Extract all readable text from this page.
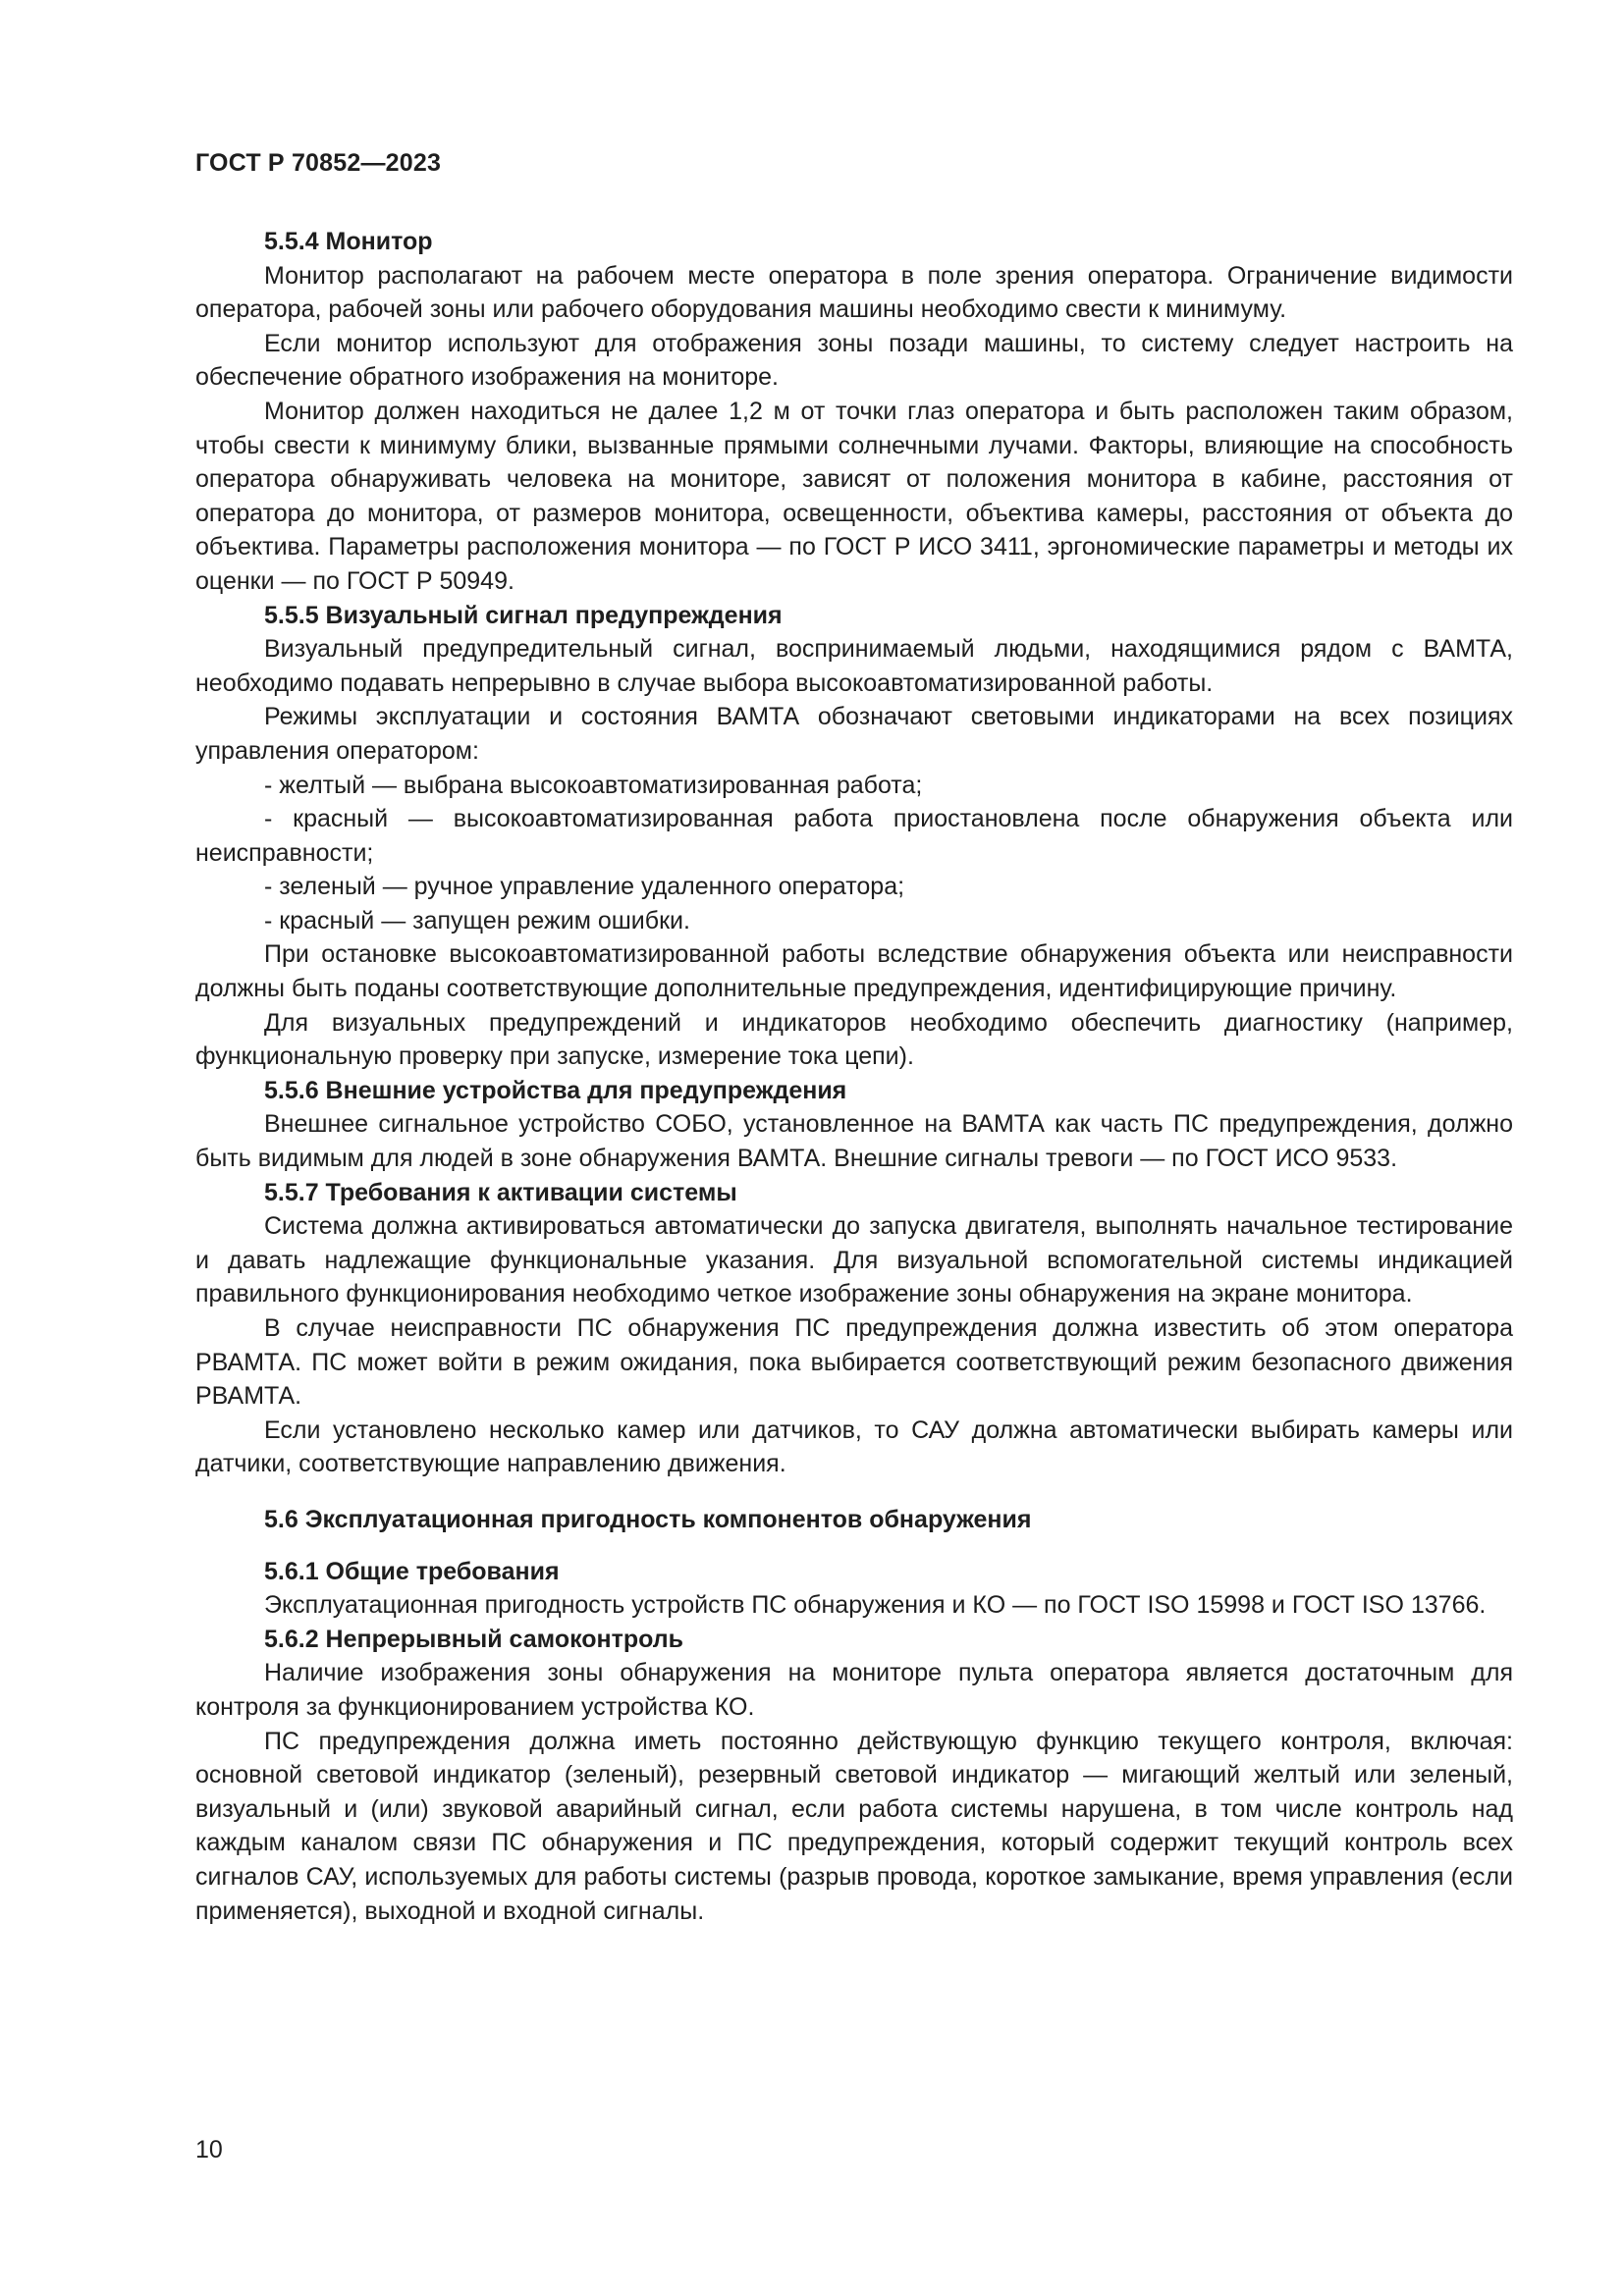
ГОСТ Р 70852—2023
5.5.4 Монитор

Монитор располагают на рабочем месте оператора в поле зрения оператора. Ограничение видимости оператора, рабочей зоны или рабочего оборудования машины необходимо свести к минимуму.

Если монитор используют для отображения зоны позади машины, то систему следует настроить на обеспечение обратного изображения на мониторе.

Монитор должен находиться не далее 1,2 м от точки глаз оператора и быть расположен таким образом, чтобы свести к минимуму блики, вызванные прямыми солнечными лучами. Факторы, влияющие на способность оператора обнаруживать человека на мониторе, зависят от положения монитора в кабине, расстояния от оператора до монитора, от размеров монитора, освещенности, объектива камеры, расстояния от объекта до объектива. Параметры расположения монитора — по ГОСТ Р ИСО 3411, эргономические параметры и методы их оценки — по ГОСТ Р 50949.

5.5.5 Визуальный сигнал предупреждения

Визуальный предупредительный сигнал, воспринимаемый людьми, находящимися рядом с ВАМТА, необходимо подавать непрерывно в случае выбора высокоавтоматизированной работы.

Режимы эксплуатации и состояния ВАМТА обозначают световыми индикаторами на всех позициях управления оператором:

- желтый — выбрана высокоавтоматизированная работа;

- красный — высокоавтоматизированная работа приостановлена после обнаружения объекта или неисправности;

- зеленый — ручное управление удаленного оператора;

- красный — запущен режим ошибки.

При остановке высокоавтоматизированной работы вследствие обнаружения объекта или неисправности должны быть поданы соответствующие дополнительные предупреждения, идентифицирующие причину.

Для визуальных предупреждений и индикаторов необходимо обеспечить диагностику (например, функциональную проверку при запуске, измерение тока цепи).

5.5.6 Внешние устройства для предупреждения

Внешнее сигнальное устройство СОБО, установленное на ВАМТА как часть ПС предупреждения, должно быть видимым для людей в зоне обнаружения ВАМТА. Внешние сигналы тревоги — по ГОСТ ИСО 9533.

5.5.7 Требования к активации системы

Система должна активироваться автоматически до запуска двигателя, выполнять начальное тестирование и давать надлежащие функциональные указания. Для визуальной вспомогательной системы индикацией правильного функционирования необходимо четкое изображение зоны обнаружения на экране монитора.

В случае неисправности ПС обнаружения ПС предупреждения должна известить об этом оператора РВАМТА. ПС может войти в режим ожидания, пока выбирается соответствующий режим безопасного движения РВАМТА.

Если установлено несколько камер или датчиков, то САУ должна автоматически выбирать камеры или датчики, соответствующие направлению движения.

5.6 Эксплуатационная пригодность компонентов обнаружения
5.6.1 Общие требования

Эксплуатационная пригодность устройств ПС обнаружения и КО — по ГОСТ ISO 15998 и ГОСТ ISO 13766.

5.6.2 Непрерывный самоконтроль

Наличие изображения зоны обнаружения на мониторе пульта оператора является достаточным для контроля за функционированием устройства КО.

ПС предупреждения должна иметь постоянно действующую функцию текущего контроля, включая: основной световой индикатор (зеленый), резервный световой индикатор — мигающий желтый или зеленый, визуальный и (или) звуковой аварийный сигнал, если работа системы нарушена, в том числе контроль над каждым каналом связи ПС обнаружения и ПС предупреждения, который содержит текущий контроль всех сигналов САУ, используемых для работы системы (разрыв провода, короткое замыкание, время управления (если применяется), выходной и входной сигналы.

10
